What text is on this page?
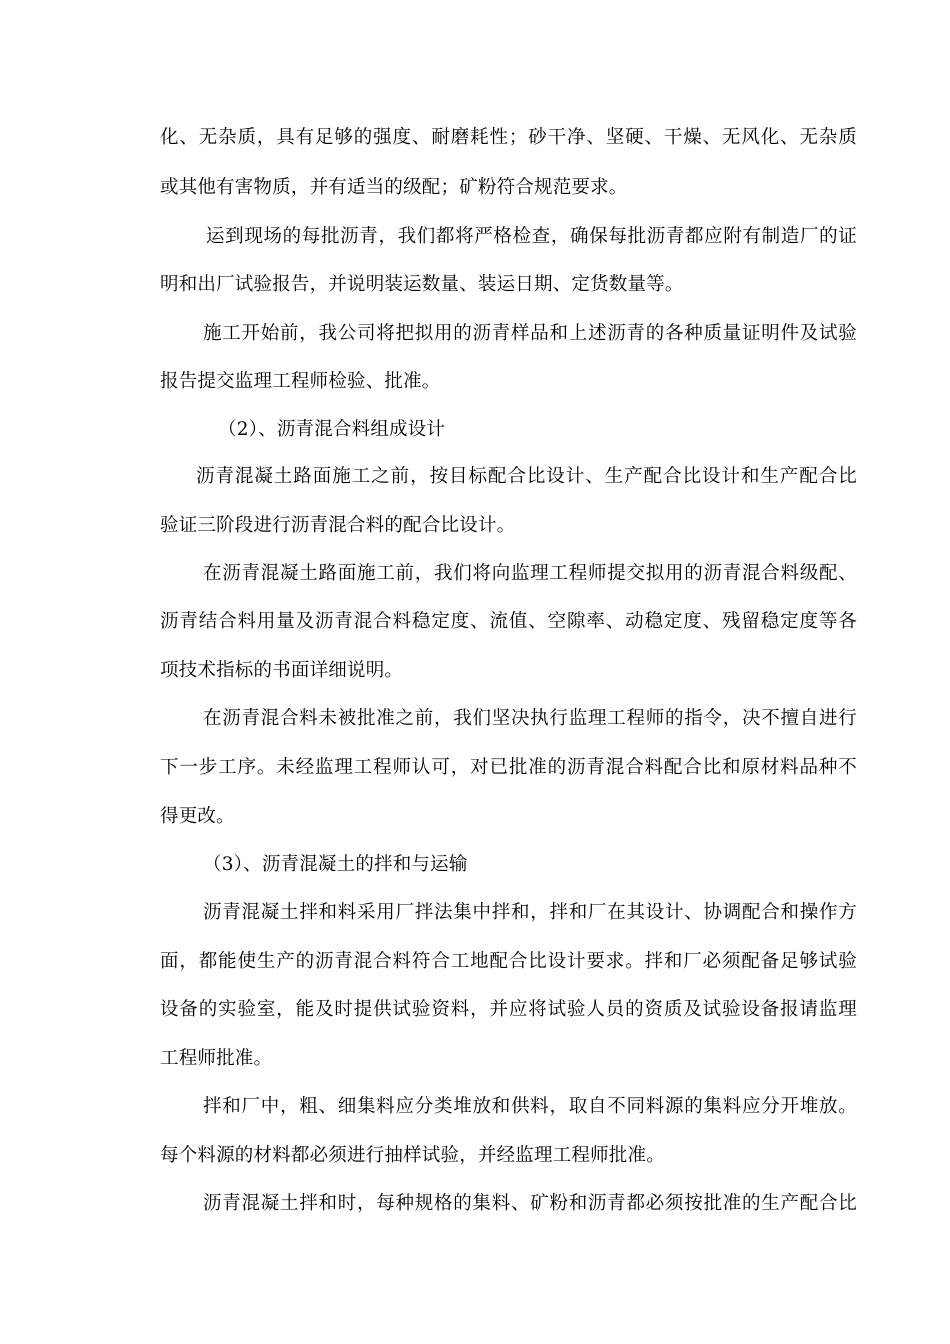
化、无杂质，具有足够的强度、耐磨耗性；砂干净、坚硬、干燥、无风化、无杂质
或其他有害物质，并有适当的级配；矿粉符合规范要求。
运到现场的每批沥青，我们都将严格检查，确保每批沥青都应附有制造厂的证
明和出厂试验报告，并说明装运数量、装运日期、定货数量等。
施工开始前，我公司将把拟用的沥青样品和上述沥青的各种质量证明件及试验
报告提交监理工程师检验、批准。
（2）、沥青混合料组成设计
沥青混凝土路面施工之前，按目标配合比设计、生产配合比设计和生产配合比
验证三阶段进行沥青混合料的配合比设计。
在沥青混凝土路面施工前，我们将向监理工程师提交拟用的沥青混合料级配、
沥青结合料用量及沥青混合料稳定度、流值、空隙率、动稳定度、残留稳定度等各
项技术指标的书面详细说明。
在沥青混合料未被批准之前，我们坚决执行监理工程师的指令，决不擅自进行
下一步工序。未经监理工程师认可，对已批准的沥青混合料配合比和原材料品种不
得更改。
（3）、沥青混凝土的拌和与运输
沥青混凝土拌和料采用厂拌法集中拌和，拌和厂在其设计、协调配合和操作方
面，都能使生产的沥青混合料符合工地配合比设计要求。拌和厂必须配备足够试验
设备的实验室，能及时提供试验资料，并应将试验人员的资质及试验设备报请监理
工程师批准。
拌和厂中，粗、细集料应分类堆放和供料，取自不同料源的集料应分开堆放。
每个料源的材料都必须进行抽样试验，并经监理工程师批准。
沥青混凝土拌和时，每种规格的集料、矿粉和沥青都必须按批准的生产配合比
